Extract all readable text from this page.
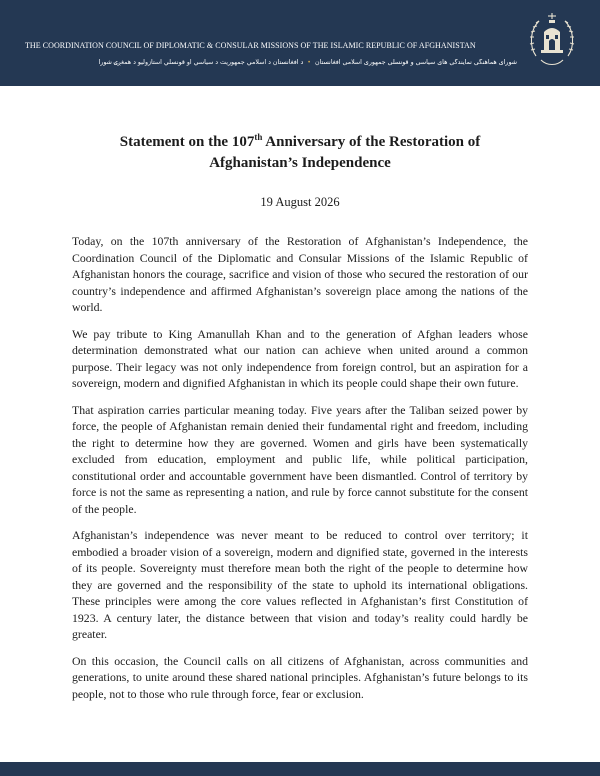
THE COORDINATION COUNCIL OF DIPLOMATIC & CONSULAR MISSIONS OF THE ISLAMIC REPUBLIC OF AFGHANISTAN
شورای هماهنگی نمایندگی های سیاسی و قونسلی جمهوری اسلامی افغانستان•د افغانستان د اسلامي جمهوریت د سیاسي او قونسلي استازولیو د همغږۍ شورا
Statement on the 107th Anniversary of the Restoration of
Afghanistan’s Independence
19 August 2026

Today, on the 107th anniversary of the Restoration of Afghanistan’s Independence, the Coordination Council of the Diplomatic and Consular Missions of the Islamic Republic of Afghanistan honors the courage, sacrifice and vision of those who secured the restoration of our country’s independence and affirmed Afghanistan’s sovereign place among the nations of the world.

We pay tribute to King Amanullah Khan and to the generation of Afghan leaders whose determination demonstrated what our nation can achieve when united around a common purpose. Their legacy was not only independence from foreign control, but an aspiration for a sovereign, modern and dignified Afghanistan in which its people could shape their own future.

That aspiration carries particular meaning today. Five years after the Taliban seized power by force, the people of Afghanistan remain denied their fundamental right and freedom, including the right to determine how they are governed. Women and girls have been systematically excluded from education, employment and public life, while political participation, constitutional order and accountable government have been dismantled. Control of territory by force is not the same as representing a nation, and rule by force cannot substitute for the consent of the people.

Afghanistan’s independence was never meant to be reduced to control over territory; it embodied a broader vision of a sovereign, modern and dignified state, governed in the interests of its people. Sovereignty must therefore mean both the right of the people to determine how they are governed and the responsibility of the state to uphold its international obligations. These principles were among the core values reflected in Afghanistan’s first Constitution of 1923. A century later, the distance between that vision and today’s reality could hardly be greater.

On this occasion, the Council calls on all citizens of Afghanistan, across communities and generations, to unite around these shared national principles. Afghanistan’s future belongs to its people, not to those who rule through force, fear or exclusion.
